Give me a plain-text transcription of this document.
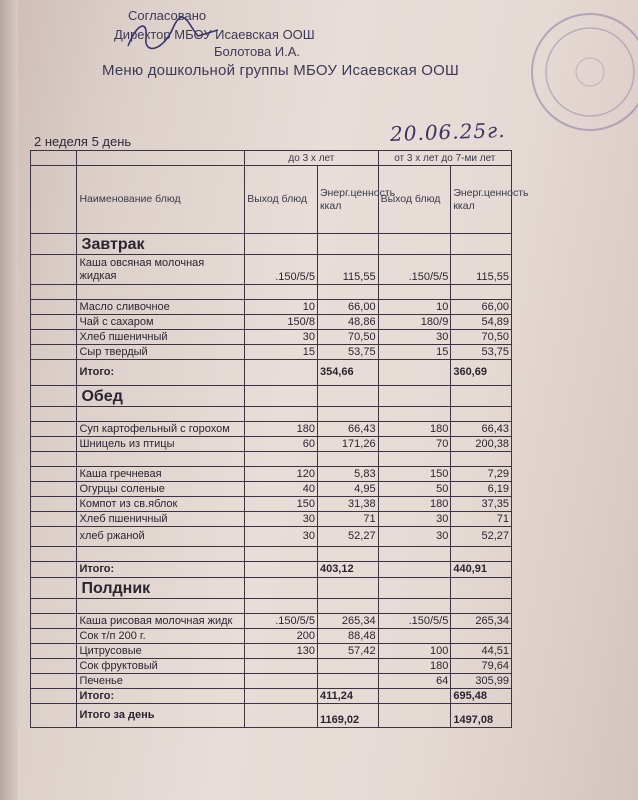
Согласовано
Директор МБОУ Исаевская ООШ
Болотова И.А.
Меню дошкольной группы МБОУ Исаевская ООШ
20.06.25г.
2 неделя 5 день
		до 3 х лет		от 3 х лет до 7-ми лет	
	Наименование блюд	Выход блюд	Энерг.ценность ккал	Выход блюд	Энерг.ценность ккал
	Завтрак				
	Каша овсяная молочная жидкая	.150/5/5	115,55	.150/5/5	115,55

	Масло сливочное	10	66,00	10	66,00
	Чай с сахаром	150/8	48,86	180/9	54,89
	Хлеб пшеничный	30	70,50	30	70,50
	Сыр твердый	15	53,75	15	53,75
	Итого:		354,66		360,69
	Обед				

	Суп картофельный с горохом	180	66,43	180	66,43
	Шницель из птицы	60	171,26	70	200,38

	Каша гречневая	120	5,83	150	7,29
	Огурцы соленые	40	4,95	50	6,19
	Компот из св.яблок	150	31,38	180	37,35
	Хлеб пшеничный	30	71	30	71
	хлеб ржаной	30	52,27	30	52,27

	Итого:		403,12		440,91
	Полдник				

	Каша рисовая молочная жидк	.150/5/5	265,34	.150/5/5	265,34
	Сок т/п 200 г.	200	88,48		
	Цитрусовые	130	57,42	100	44,51
	Сок фруктовый			180	79,64
	Печенье			64	305,99
	Итого:		411,24		695,48
	Итого за день		1169,02		1497,08
